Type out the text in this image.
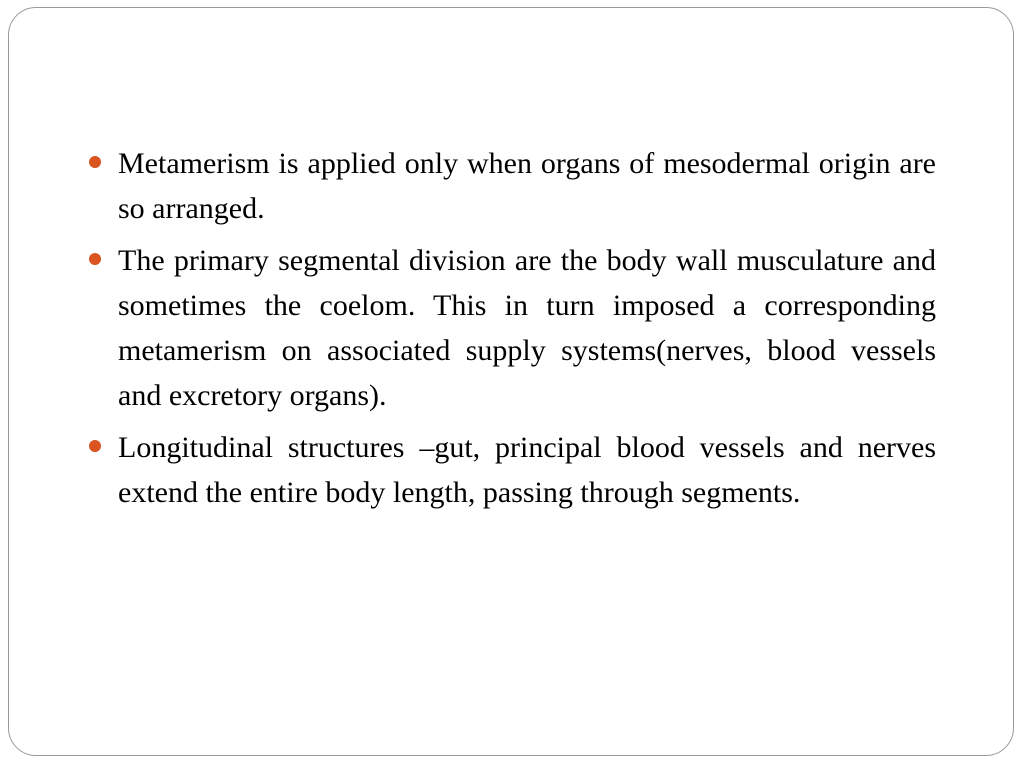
Metamerism is applied only when organs of mesodermal origin are so arranged.
The primary segmental division are the body wall musculature and sometimes the coelom. This in turn imposed a corresponding metamerism on associated supply systems(nerves, blood vessels and excretory organs).
Longitudinal structures –gut, principal blood vessels and nerves extend the entire body length, passing through segments.
